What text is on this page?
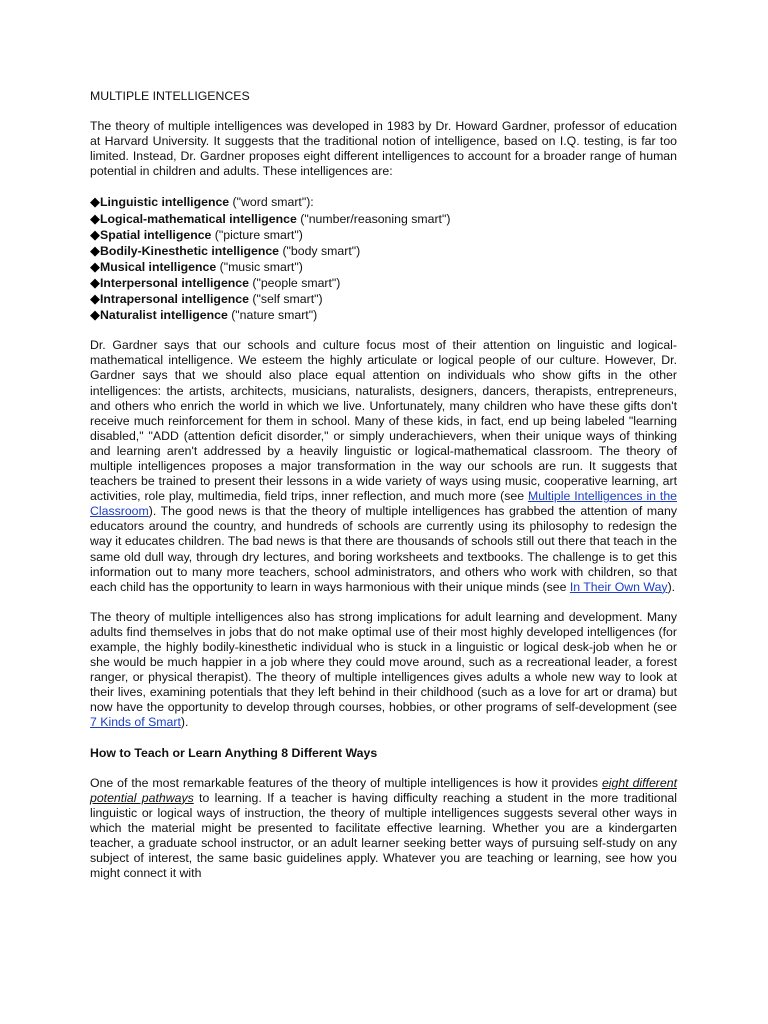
MULTIPLE INTELLIGENCES

The theory of multiple intelligences was developed in 1983 by Dr. Howard Gardner, professor of education at Harvard University. It suggests that the traditional notion of intelligence, based on I.Q. testing, is far too limited. Instead, Dr. Gardner proposes eight different intelligences to account for a broader range of human potential in children and adults. These intelligences are:

◆Linguistic intelligence ("word smart"):
◆Logical-mathematical intelligence ("number/reasoning smart")
◆Spatial intelligence ("picture smart")
◆Bodily-Kinesthetic intelligence ("body smart")
◆Musical intelligence ("music smart")
◆Interpersonal intelligence ("people smart")
◆Intrapersonal intelligence ("self smart")
◆Naturalist intelligence ("nature smart")

Dr. Gardner says that our schools and culture focus most of their attention on linguistic and logical-mathematical intelligence. We esteem the highly articulate or logical people of our culture. However, Dr. Gardner says that we should also place equal attention on individuals who show gifts in the other intelligences: the artists, architects, musicians, naturalists, designers, dancers, therapists, entrepreneurs, and others who enrich the world in which we live. Unfortunately, many children who have these gifts don't receive much reinforcement for them in school. Many of these kids, in fact, end up being labeled "learning disabled," "ADD (attention deficit disorder," or simply underachievers, when their unique ways of thinking and learning aren't addressed by a heavily linguistic or logical-mathematical classroom. The theory of multiple intelligences proposes a major transformation in the way our schools are run. It suggests that teachers be trained to present their lessons in a wide variety of ways using music, cooperative learning, art activities, role play, multimedia, field trips, inner reflection, and much more (see Multiple Intelligences in the Classroom). The good news is that the theory of multiple intelligences has grabbed the attention of many educators around the country, and hundreds of schools are currently using its philosophy to redesign the way it educates children. The bad news is that there are thousands of schools still out there that teach in the same old dull way, through dry lectures, and boring worksheets and textbooks. The challenge is to get this information out to many more teachers, school administrators, and others who work with children, so that each child has the opportunity to learn in ways harmonious with their unique minds (see In Their Own Way).

The theory of multiple intelligences also has strong implications for adult learning and development. Many adults find themselves in jobs that do not make optimal use of their most highly developed intelligences (for example, the highly bodily-kinesthetic individual who is stuck in a linguistic or logical desk-job when he or she would be much happier in a job where they could move around, such as a recreational leader, a forest ranger, or physical therapist). The theory of multiple intelligences gives adults a whole new way to look at their lives, examining potentials that they left behind in their childhood (such as a love for art or drama) but now have the opportunity to develop through courses, hobbies, or other programs of self-development (see 7 Kinds of Smart).

How to Teach or Learn Anything 8 Different Ways

One of the most remarkable features of the theory of multiple intelligences is how it provides eight different potential pathways to learning. If a teacher is having difficulty reaching a student in the more traditional linguistic or logical ways of instruction, the theory of multiple intelligences suggests several other ways in which the material might be presented to facilitate effective learning. Whether you are a kindergarten teacher, a graduate school instructor, or an adult learner seeking better ways of pursuing self-study on any subject of interest, the same basic guidelines apply. Whatever you are teaching or learning, see how you might connect it with
